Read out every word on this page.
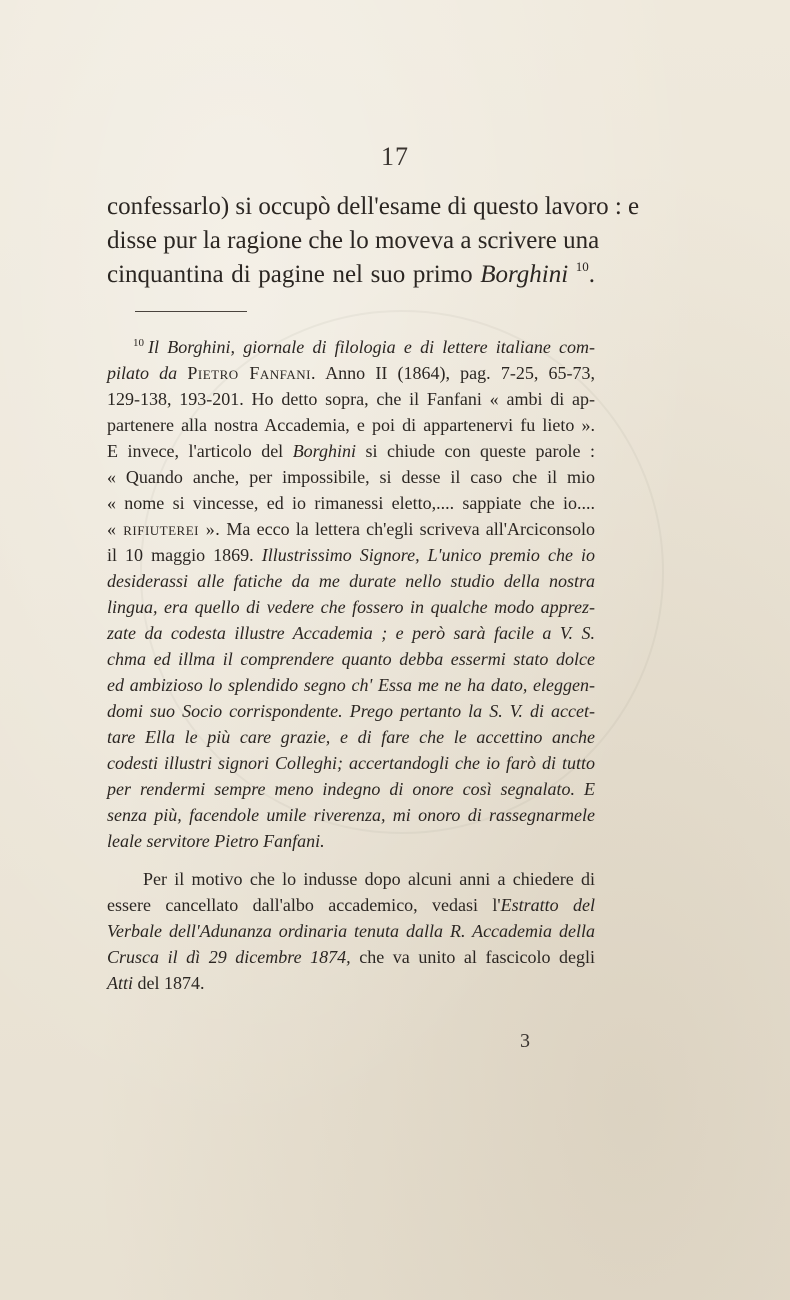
17
confessarlo) si occupò dell'esame di questo lavoro : e
disse pur la ragione che lo moveva a scrivere una
cinquantina di pagine nel suo primo Borghini $^{10}$.
$^{10}$ Il Borghini, giornale di filologia e di lettere italiane com-
pilato da Pietro Fanfani. Anno II (1864), pag. 7-25, 65-73,
129-138, 193-201. Ho detto sopra, che il Fanfani « ambi di ap-
partenere alla nostra Accademia, e poi di appartenervi fu lieto ».
E invece, l'articolo del Borghini si chiude con queste parole :
« Quando anche, per impossibile, si desse il caso che il mio
« nome si vincesse, ed io rimanessi eletto,.... sappiate che io....
« rifiuterei ». Ma ecco la lettera ch'egli scriveva all'Arciconsolo
il 10 maggio 1869. Illustrissimo Signore, L'unico premio che io
desiderassi alle fatiche da me durate nello studio della nostra
lingua, era quello di vedere che fossero in qualche modo apprez-
zate da codesta illustre Accademia ; e però sarà facile a V. S.
chma ed illma il comprendere quanto debba essermi stato dolce
ed ambizioso lo splendido segno ch' Essa me ne ha dato, eleggen-
domi suo Socio corrispondente. Prego pertanto la S. V. di accet-
tare Ella le più care grazie, e di fare che le accettino anche
codesti illustri signori Colleghi; accertandogli che io farò di tutto
per rendermi sempre meno indegno di onore così segnalato. E
senza più, facendole umile riverenza, mi onoro di rassegnarmele
leale servitore Pietro Fanfani.
Per il motivo che lo indusse dopo alcuni anni a chiedere di
essere cancellato dall'albo accademico, vedasi l'Estratto del
Verbale dell'Adunanza ordinaria tenuta dalla R. Accademia della
Crusca il dì 29 dicembre 1874, che va unito al fascicolo degli
Atti del 1874.
3
